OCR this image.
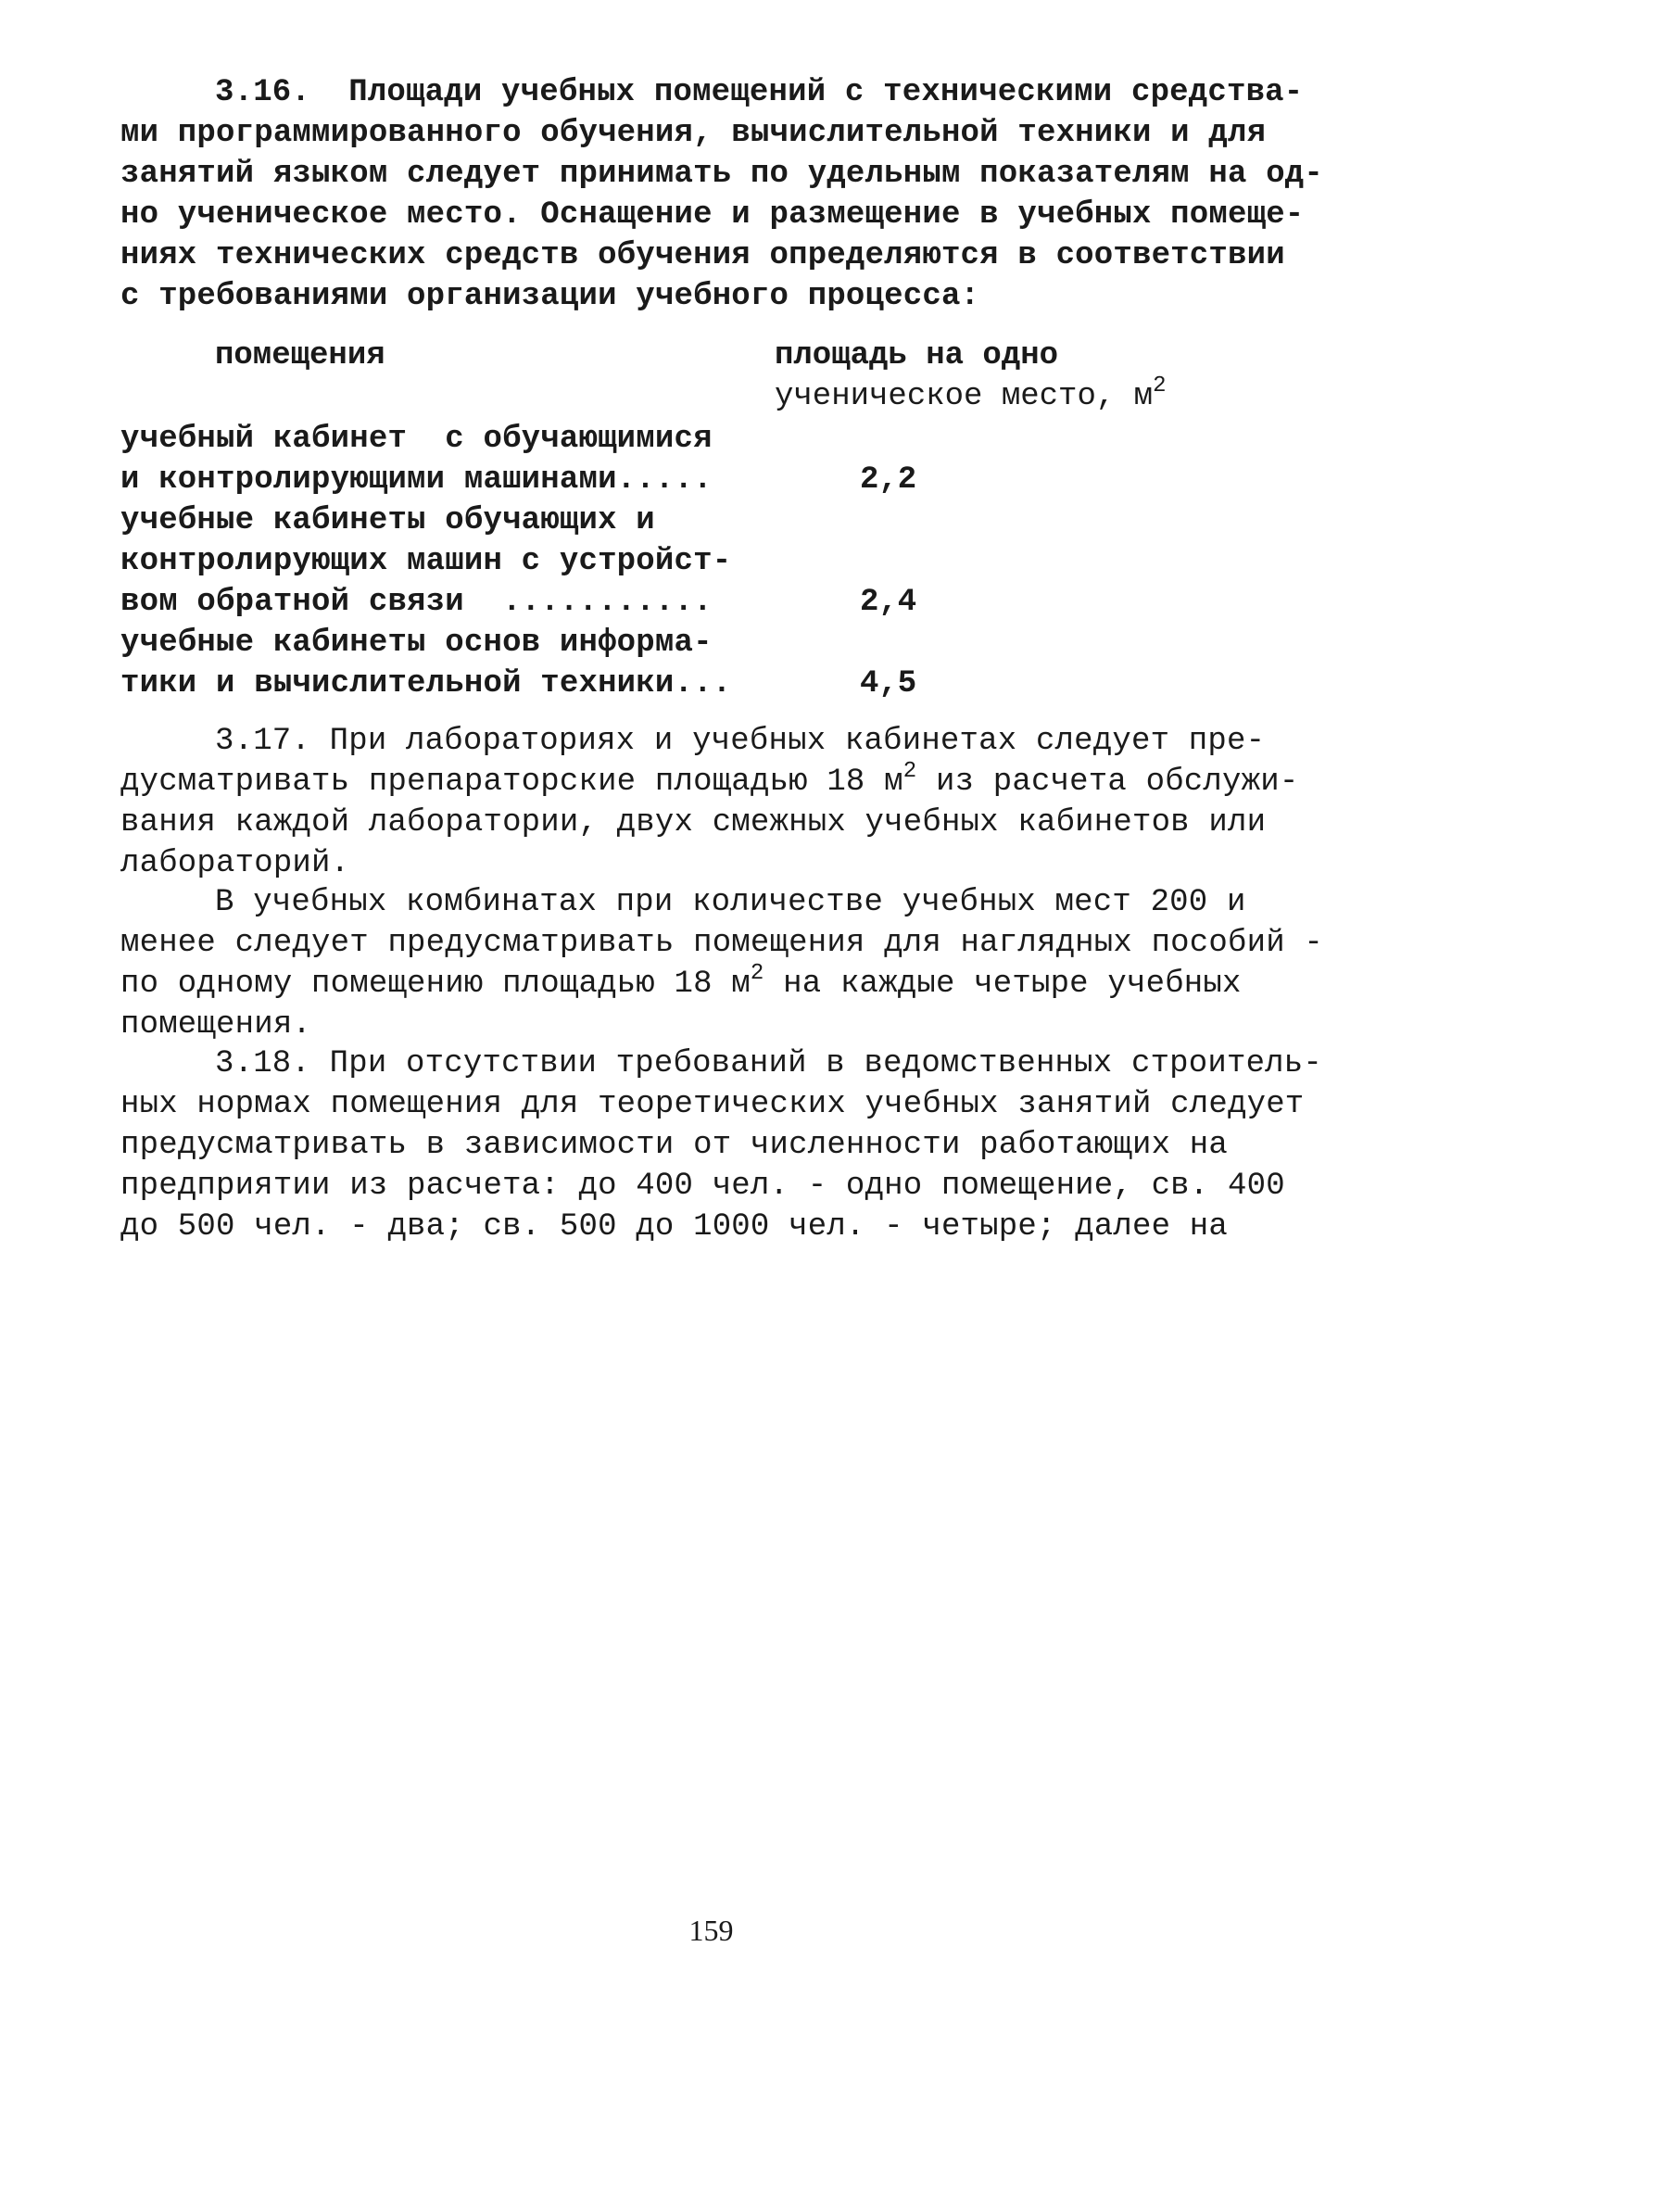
3.16.  Площади учебных помещений с техническими средства-
ми программированного обучения, вычислительной техники и для
занятий языком следует принимать по удельным показателям на од-
но ученическое место. Оснащение и размещение в учебных помеще-
ниях технических средств обучения определяются в соответствии
с требованиями организации учебного процесса:
помещения	площадь на одно
ученическое место, $м^2$
учебный кабинет  с обучающимися
и контролирующими машинами.....	2,2
учебные кабинеты обучающих и
контролирующих машин с устройст-
вом обратной связи  ...........	2,4
учебные кабинеты основ информа-
тики и вычислительной техники...	4,5
3.17. При лабораториях и учебных кабинетах следует пре-
дусматривать препараторские площадью 18 $м^2$ из расчета обслужи-
вания каждой лаборатории, двух смежных учебных кабинетов или
лабораторий.
В учебных комбинатах при количестве учебных мест 200 и
менее следует предусматривать помещения для наглядных пособий -
по одному помещению площадью 18 $м^2$ на каждые четыре учебных
помещения.
3.18. При отсутствии требований в ведомственных строитель-
ных нормах помещения для теоретических учебных занятий следует
предусматривать в зависимости от численности работающих на
предприятии из расчета: до 400 чел. - одно помещение, св. 400
до 500 чел. - два; св. 500 до 1000 чел. - четыре; далее на
159
